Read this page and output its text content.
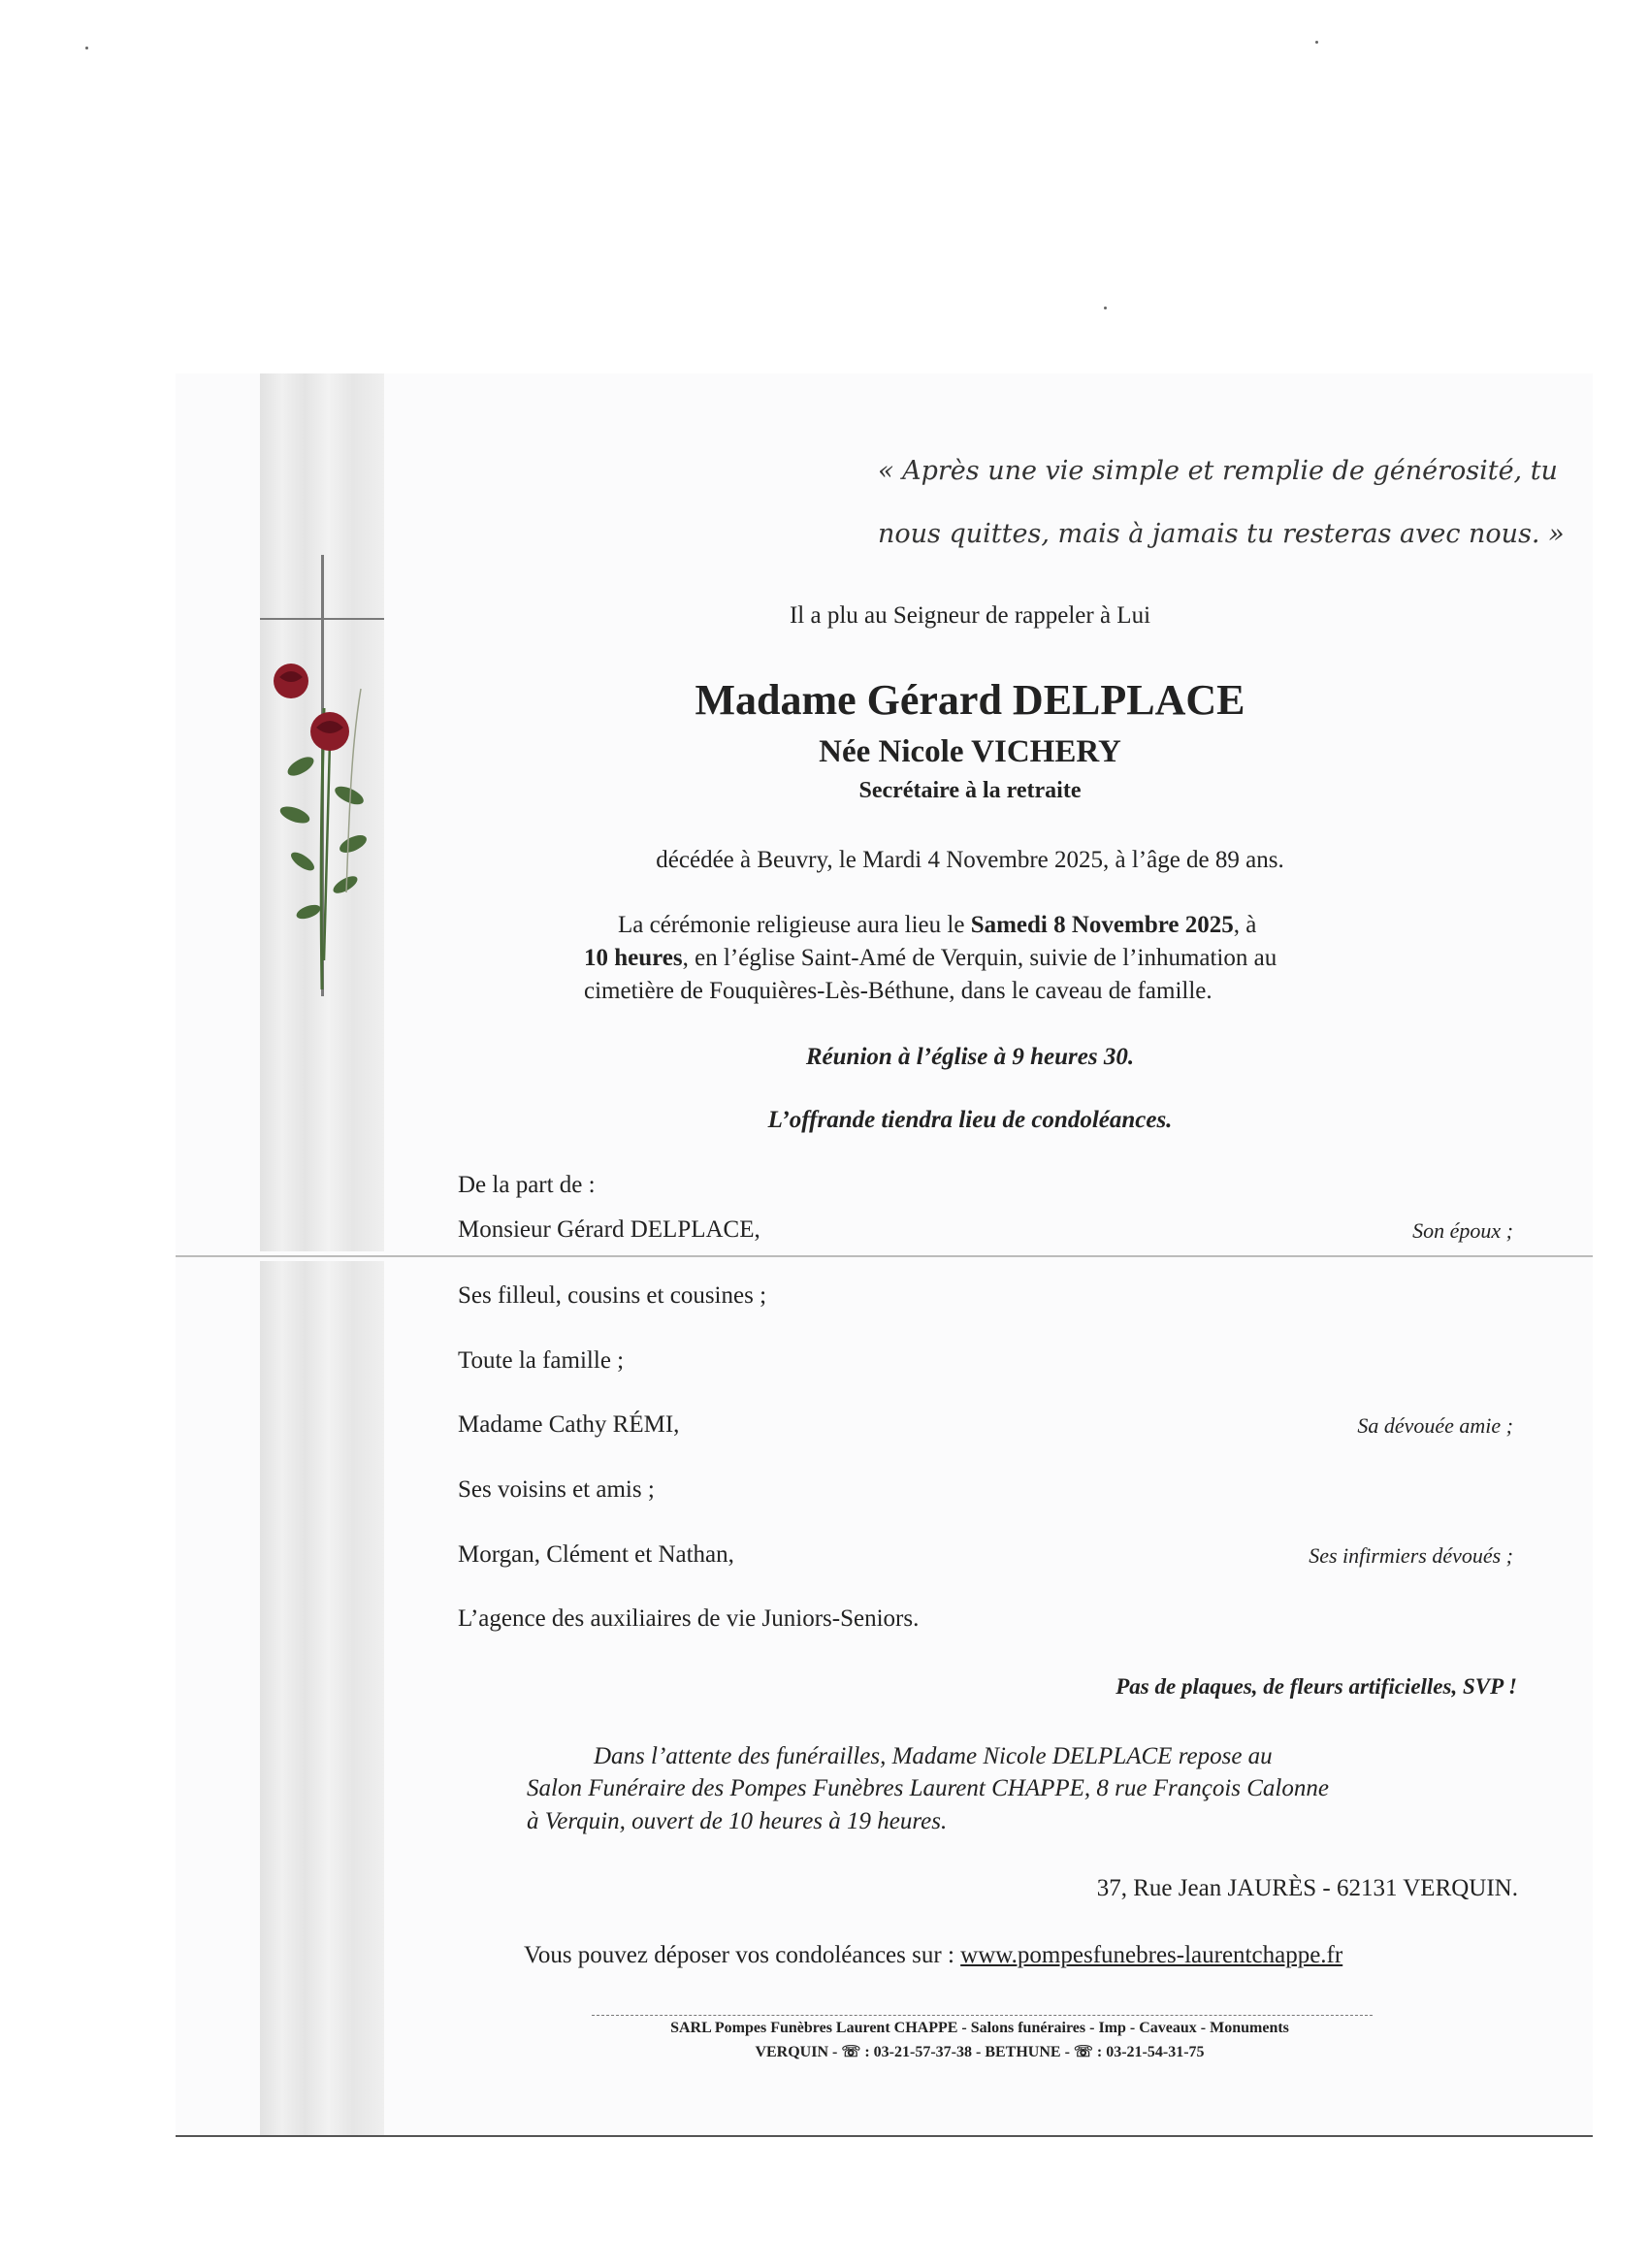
« Après une vie simple et remplie de générosité, tu
nous quittes, mais à jamais tu resteras avec nous. »
Il a plu au Seigneur de rappeler à Lui
Madame Gérard DELPLACE
Née Nicole VICHERY
Secrétaire à la retraite
décédée à Beuvry, le Mardi 4 Novembre 2025, à l’âge de 89 ans.
La cérémonie religieuse aura lieu le Samedi 8 Novembre 2025, à
10 heures, en l’église Saint-Amé de Verquin, suivie de l’inhumation au
cimetière de Fouquières-Lès-Béthune, dans le caveau de famille.
Réunion à l’église à 9 heures 30.
L’offrande tiendra lieu de condoléances.
De la part de :
Monsieur Gérard DELPLACE,	Son époux ;
Ses filleul, cousins et cousines ;
Toute la famille ;
Madame Cathy RÉMI,	Sa dévouée amie ;
Ses voisins et amis ;
Morgan, Clément et Nathan,	Ses infirmiers dévoués ;
L’agence des auxiliaires de vie Juniors-Seniors.
Pas de plaques, de fleurs artificielles, SVP !
Dans l’attente des funérailles, Madame Nicole DELPLACE repose au
Salon Funéraire des Pompes Funèbres Laurent CHAPPE, 8 rue François Calonne
à Verquin, ouvert de 10 heures à 19 heures.
37, Rue Jean JAURÈS - 62131 VERQUIN.
Vous pouvez déposer vos condoléances sur : www.pompesfunebres-laurentchappe.fr
SARL Pompes Funèbres Laurent CHAPPE - Salons funéraires - Imp - Caveaux - Monuments
VERQUIN - ☏ : 03-21-57-37-38 - BETHUNE - ☏ : 03-21-54-31-75
